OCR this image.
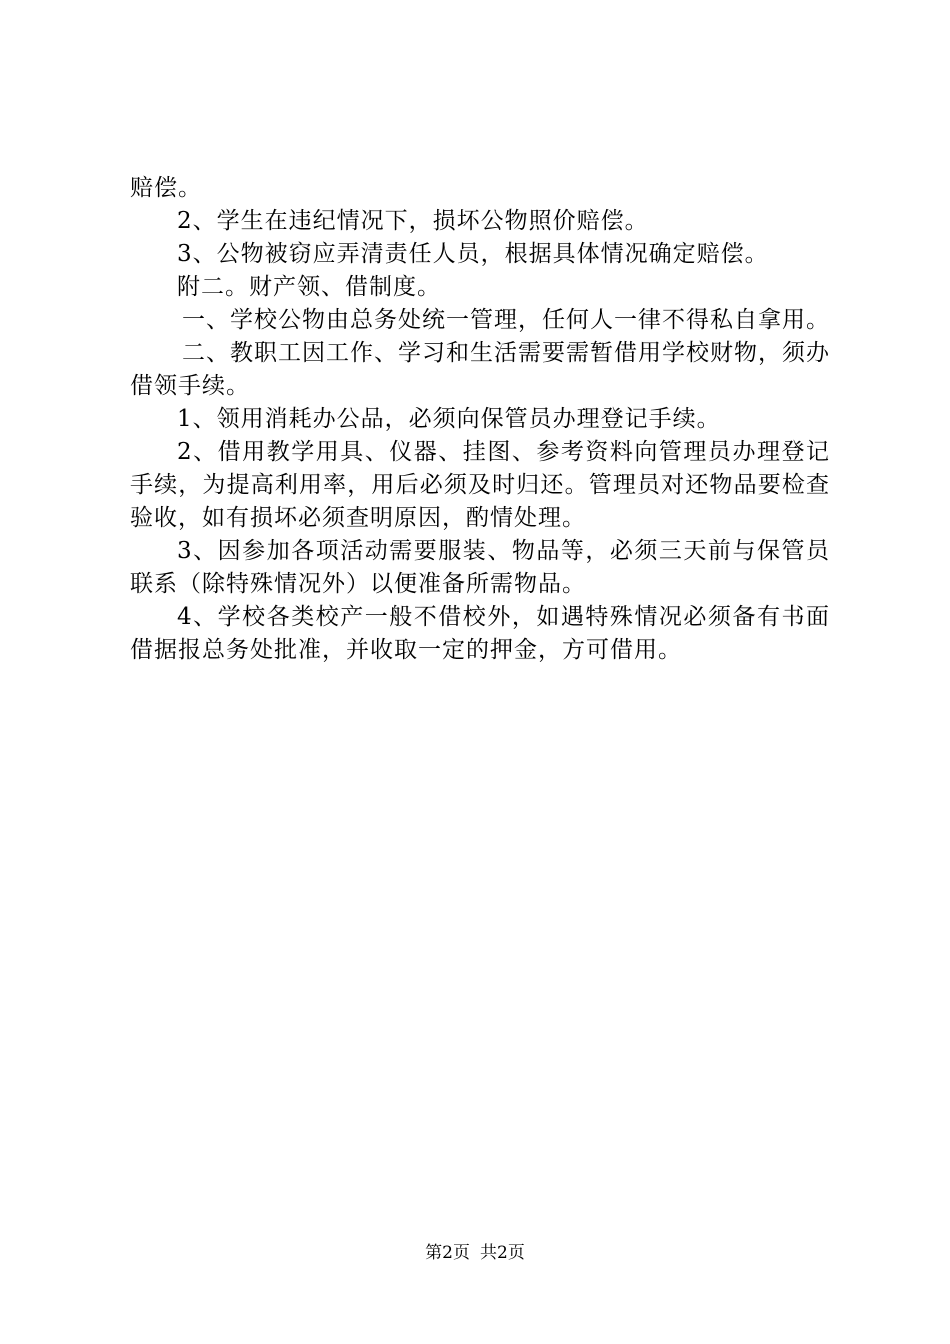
赔偿。

2、学生在违纪情况下，损坏公物照价赔偿。

3、公物被窃应弄清责任人员，根据具体情况确定赔偿。

附二。财产领、借制度。

一、学校公物由总务处统一管理，任何人一律不得私自拿用。

二、教职工因工作、学习和生活需要需暂借用学校财物，须办借领手续。

1、领用消耗办公品，必须向保管员办理登记手续。

2、借用教学用具、仪器、挂图、参考资料向管理员办理登记手续，为提高利用率，用后必须及时归还。管理员对还物品要检查验收，如有损坏必须查明原因，酌情处理。

3、因参加各项活动需要服装、物品等，必须三天前与保管员联系（除特殊情况外）以便准备所需物品。

4、学校各类校产一般不借校外，如遇特殊情况必须备有书面借据报总务处批准，并收取一定的押金，方可借用。

第2页 共2页
